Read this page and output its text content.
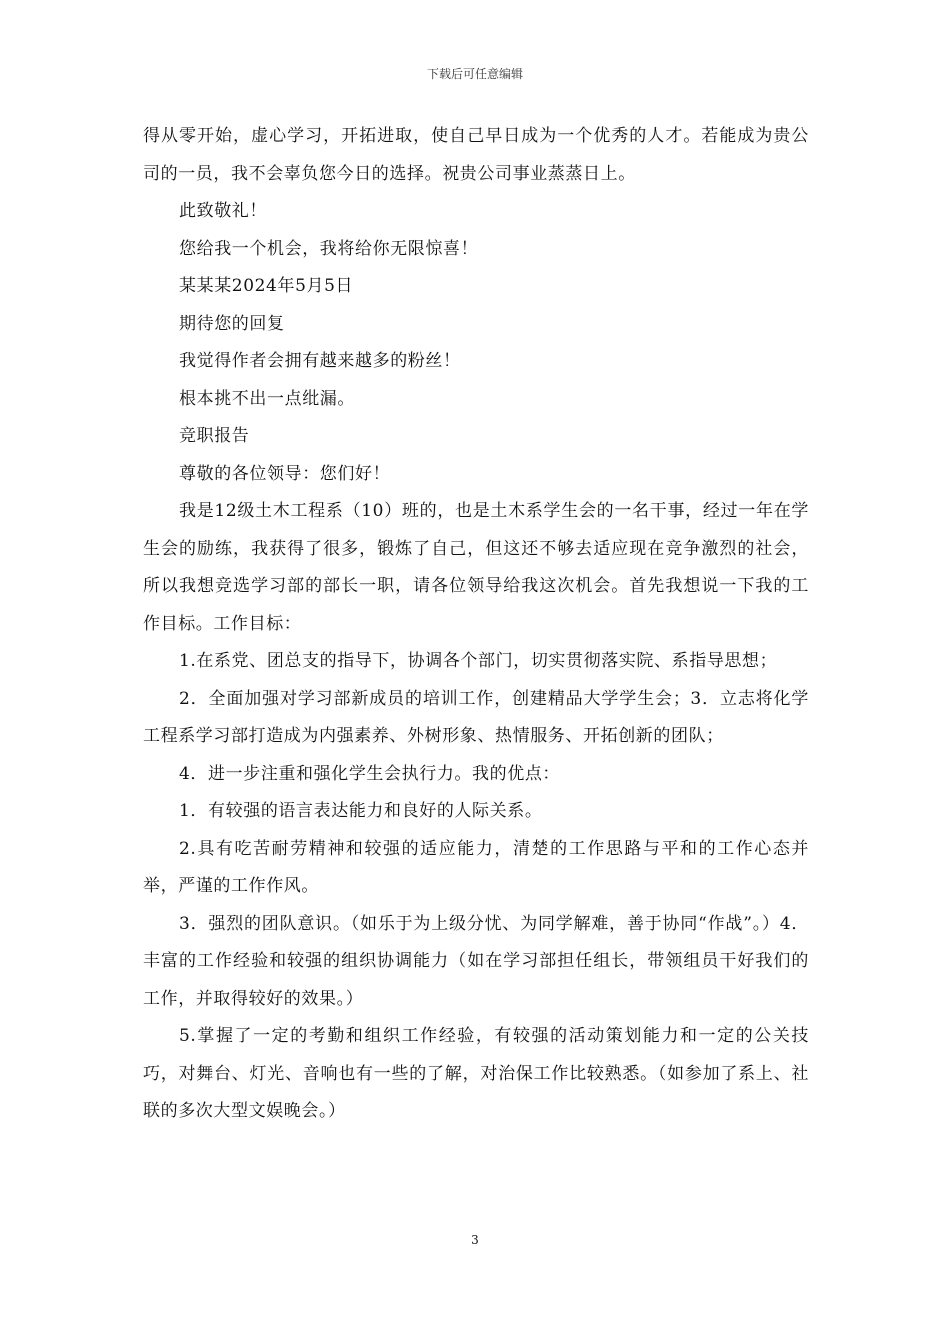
下载后可任意编辑

得从零开始，虚心学习，开拓进取，使自己早日成为一个优秀的人才。若能成为贵公司的一员，我不会辜负您今日的选择。祝贵公司事业蒸蒸日上。

此致敬礼！

您给我一个机会，我将给你无限惊喜！

某某某2024年5月5日

期待您的回复

我觉得作者会拥有越来越多的粉丝！

根本挑不出一点纰漏。

竞职报告

尊敬的各位领导：您们好！

我是12级土木工程系（10）班的，也是土木系学生会的一名干事，经过一年在学生会的励练，我获得了很多，锻炼了自己，但这还不够去适应现在竞争激烈的社会，所以我想竞选学习部的部长一职，请各位领导给我这次机会。首先我想说一下我的工作目标。工作目标：

1.在系党、团总支的指导下，协调各个部门，切实贯彻落实院、系指导思想；

2．全面加强对学习部新成员的培训工作，创建精品大学学生会；3．立志将化学工程系学习部打造成为内强素养、外树形象、热情服务、开拓创新的团队；

4．进一步注重和强化学生会执行力。我的优点：

1．有较强的语言表达能力和良好的人际关系。

2.具有吃苦耐劳精神和较强的适应能力，清楚的工作思路与平和的工作心态并举，严谨的工作作风。

3．强烈的团队意识。（如乐于为上级分忧、为同学解难，善于协同“作战”。）4．丰富的工作经验和较强的组织协调能力（如在学习部担任组长，带领组员干好我们的工作，并取得较好的效果。）

5.掌握了一定的考勤和组织工作经验，有较强的活动策划能力和一定的公关技巧，对舞台、灯光、音响也有一些的了解，对治保工作比较熟悉。（如参加了系上、社联的多次大型文娱晚会。）

3
